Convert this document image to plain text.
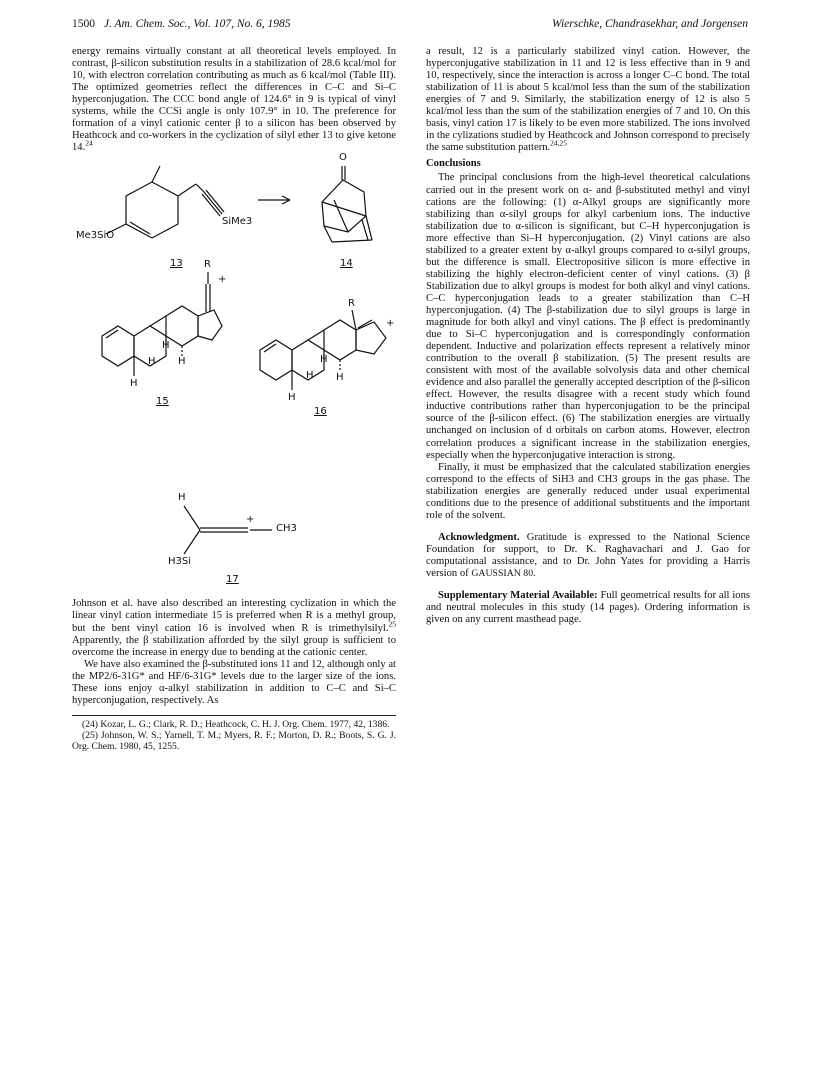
1500 J. Am. Chem. Soc., Vol. 107, No. 6, 1985	Wierschke, Chandrasekhar, and Jorgensen

energy remains virtually constant at all theoretical levels employed. In contrast, β-silicon substitution results in a stabilization of 28.6 kcal/mol for 10, with electron correlation contributing as much as 6 kcal/mol (Table III). The optimized geometries reflect the differences in C–C and Si–C hyperconjugation. The CCC bond angle of 124.6° in 9 is typical of vinyl systems, while the CCSi angle is only 107.9° in 10. The preference for formation of a vinyl cationic center β to a silicon has been observed by Heathcock and co-workers in the cyclization of silyl ether 13 to give ketone 14.24

Me3SiO
SiMe3
O
13	14
R
+
H
H
H
H
15
R
+
H
H
H
H
16
H
+
CH3
H3Si
17

Johnson et al. have also described an interesting cyclization in which the linear vinyl cation intermediate 15 is preferred when R is a methyl group, but the bent vinyl cation 16 is involved when R is trimethylsilyl.$^{25}$ Apparently, the β stabilization afforded by the silyl group is sufficient to overcome the increase in energy due to bending at the cationic center.

We have also examined the β-substituted ions 11 and 12, although only at the MP2/6-31G* and HF/6-31G* levels due to the larger size of the ions. These ions enjoy α-alkyl stabilization in addition to C–C and Si–C hyperconjugation, respectively. As

(24) Kozar, L. G.; Clark, R. D.; Heathcock, C. H. J. Org. Chem. 1977, 42, 1386.

(25) Johnson, W. S.; Yarnell, T. M.; Myers, R. F.; Morton, D. R.; Boots, S. G. J. Org. Chem. 1980, 45, 1255.

a result, 12 is a particularly stabilized vinyl cation. However, the hyperconjugative stabilization in 11 and 12 is less effective than in 9 and 10, respectively, since the interaction is across a longer C–C bond. The total stabilization of 11 is about 5 kcal/mol less than the sum of the stabilization energies of 7 and 9. Similarly, the stabilization energy of 12 is also 5 kcal/mol less than the sum of the stabilization energies of 7 and 10. On this basis, vinyl cation 17 is likely to be even more stabilized. The ions involved in the cylizations studied by Heathcock and Johnson correspond to precisely the same substitution pattern.$^{24,25}$

Conclusions

The principal conclusions from the high-level theoretical calculations carried out in the present work on α- and β-substituted methyl and vinyl cations are the following: (1) α-Alkyl groups are significantly more stabilizing than α-silyl groups for alkyl carbenium ions. The inductive stabilization due to α-silicon is significant, but C–H hyperconjugation is more effective than Si–H hyperconjugation. (2) Vinyl cations are also stabilized to a greater extent by α-alkyl groups compared to α-silyl groups, but the difference is small. Electropositive silicon is more effective in stabilizing the highly electron-deficient center of vinyl cations. (3) β Stabilization due to alkyl groups is modest for both alkyl and vinyl cations. C–C hyperconjugation leads to a greater stabilization than C–H hyperconjugation. (4) The β-stabilization due to silyl groups is large in magnitude for both alkyl and vinyl cations. The β effect is predominantly due to Si–C hyperconjugation and is correspondingly conformation dependent. Inductive and polarization effects represent a relatively minor contribution to the overall β stabilization. (5) The present results are consistent with most of the available solvolysis data and other chemical evidence and also parallel the generally accepted description of the β-silicon effect. However, the results disagree with a recent study which found inductive contributions rather than hyperconjugation to be the principal source of the β-silicon effect. (6) The stabilization energies are virtually unchanged on inclusion of d orbitals on carbon atoms. However, electron correlation produces a significant increase in the stabilization energies, especially when the hyperconjugative interaction is strong.

Finally, it must be emphasized that the calculated stabilization energies correspond to the effects of SiH3 and CH3 groups in the gas phase. The stabilization energies are generally reduced under usual experimental conditions due to the presence of additional substituents and the important role of the solvent.

Acknowledgment. Gratitude is expressed to the National Science Foundation for support, to Dr. K. Raghavachari and J. Gao for computational assistance, and to Dr. John Yates for providing a Harris version of GAUSSIAN 80.

Supplementary Material Available: Full geometrical results for all ions and neutral molecules in this study (14 pages). Ordering information is given on any current masthead page.
